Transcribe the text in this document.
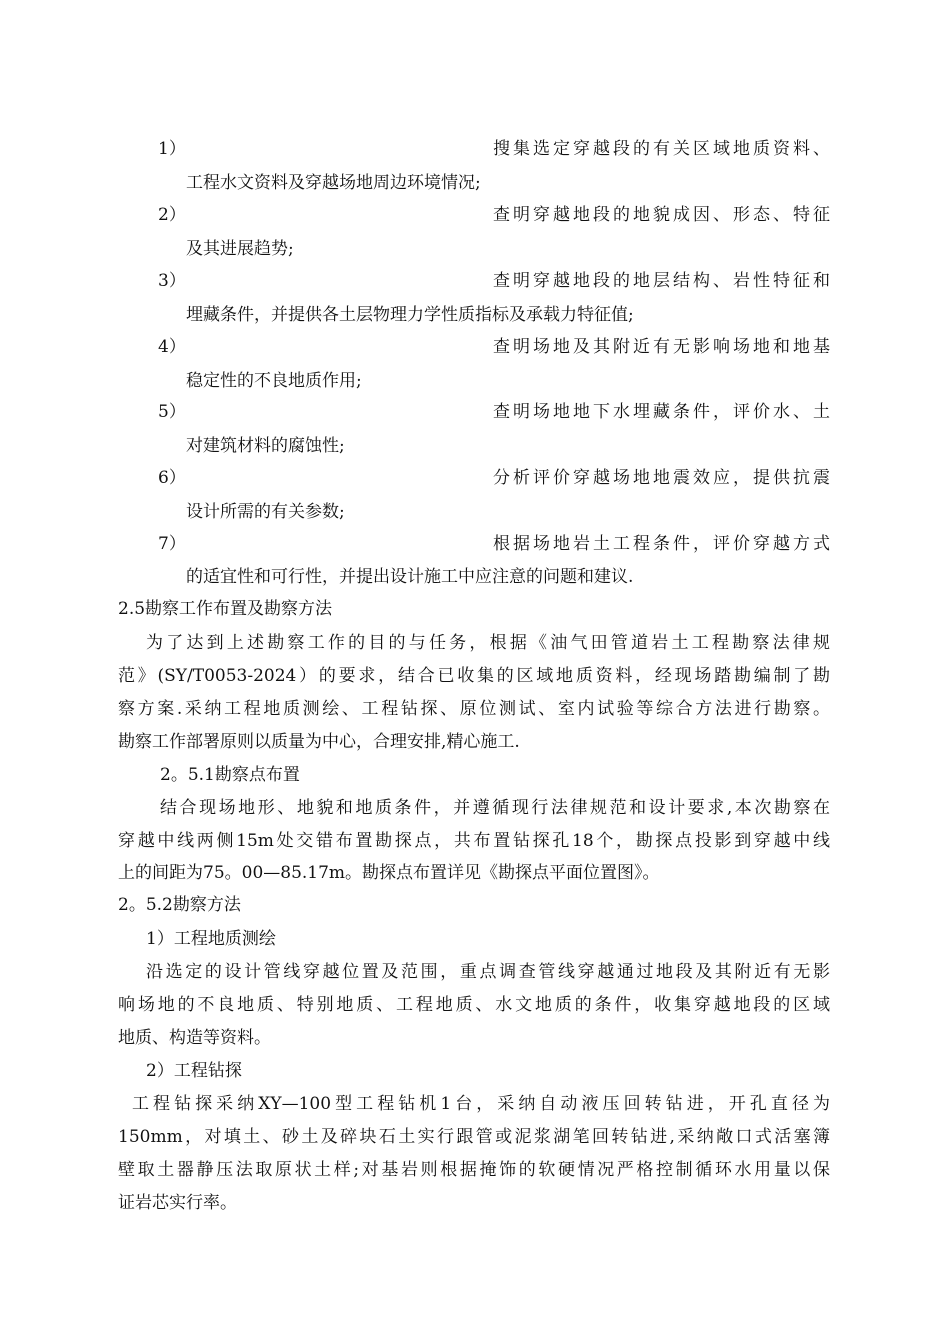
1）	搜集选定穿越段的有关区域地质资料、
工程水文资料及穿越场地周边环境情况;
2）	查明穿越地段的地貌成因、形态、特征
及其进展趋势;
3）	查明穿越地段的地层结构、岩性特征和
埋藏条件，并提供各土层物理力学性质指标及承载力特征值;
4）	查明场地及其附近有无影响场地和地基
稳定性的不良地质作用;
5）	查明场地地下水埋藏条件，评价水、土
对建筑材料的腐蚀性;
6）	分析评价穿越场地地震效应，提供抗震
设计所需的有关参数;
7）	根据场地岩土工程条件，评价穿越方式
的适宜性和可行性，并提出设计施工中应注意的问题和建议.
2.5勘察工作布置及勘察方法
为了达到上述勘察工作的目的与任务，根据《油气田管道岩土工程勘察法律规
范》(SY/T0053-2024）的要求，结合已收集的区域地质资料，经现场踏勘编制了勘
察方案.采纳工程地质测绘、工程钻探、原位测试、室内试验等综合方法进行勘察。
勘察工作部署原则以质量为中心，合理安排,精心施工.
2。5.1勘察点布置
结合现场地形、地貌和地质条件，并遵循现行法律规范和设计要求,本次勘察在
穿越中线两侧15m处交错布置勘探点，共布置钻探孔18个，勘探点投影到穿越中线
上的间距为75。00—85.17m。勘探点布置详见《勘探点平面位置图》。
2。5.2勘察方法
1）工程地质测绘
沿选定的设计管线穿越位置及范围，重点调查管线穿越通过地段及其附近有无影
响场地的不良地质、特别地质、工程地质、水文地质的条件，收集穿越地段的区域
地质、构造等资料。
2）工程钻探
工程钻探采纳XY—100型工程钻机1台，采纳自动液压回转钻进，开孔直径为
150mm，对填土、砂土及碎块石土实行跟管或泥浆湖笔回转钻进,采纳敞口式活塞簿
壁取土器静压法取原状土样;对基岩则根据掩饰的软硬情况严格控制循环水用量以保
证岩芯实行率。
